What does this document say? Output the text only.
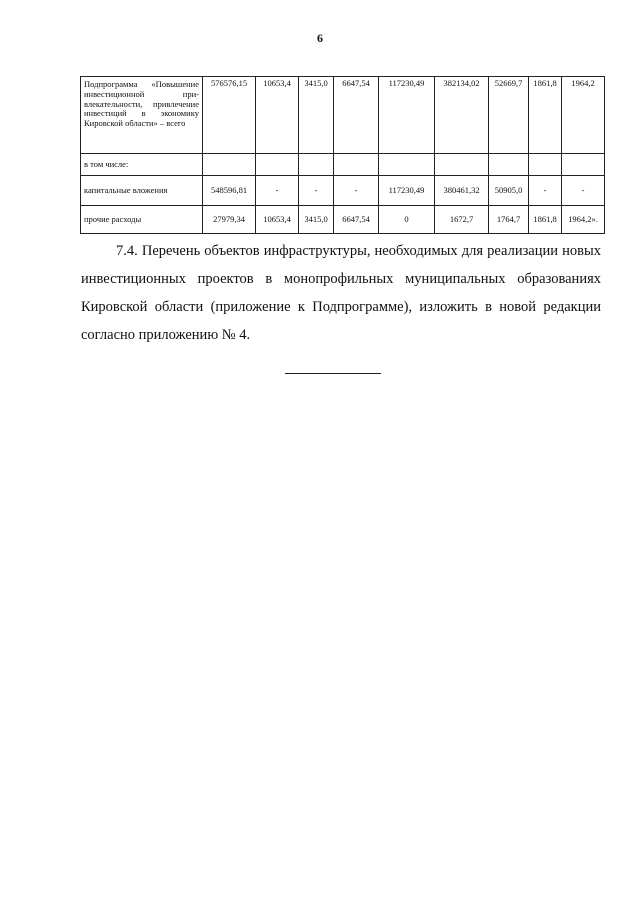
6
Подпрограмма «Повышение инвестиционной привлекательности, привлечение инвестиций в экономику Кировской области» – всего	576576,15	10653,4	3415,0	6647,54	117230,49	382134,02	52669,7	1861,8	1964,2
в том числе:									
капитальные вложения	548596,81	-	-	-	117230,49	380461,32	50905,0	-	-
прочие расходы	27979,34	10653,4	3415,0	6647,54	0	1672,7	1764,7	1861,8	1964,2».

7.4. Перечень объектов инфраструктуры, необходимых для реализации новых инвестиционных проектов в монопрофильных муниципальных образованиях Кировской области (приложение к Подпрограмме), изложить в новой редакции согласно приложению № 4.
